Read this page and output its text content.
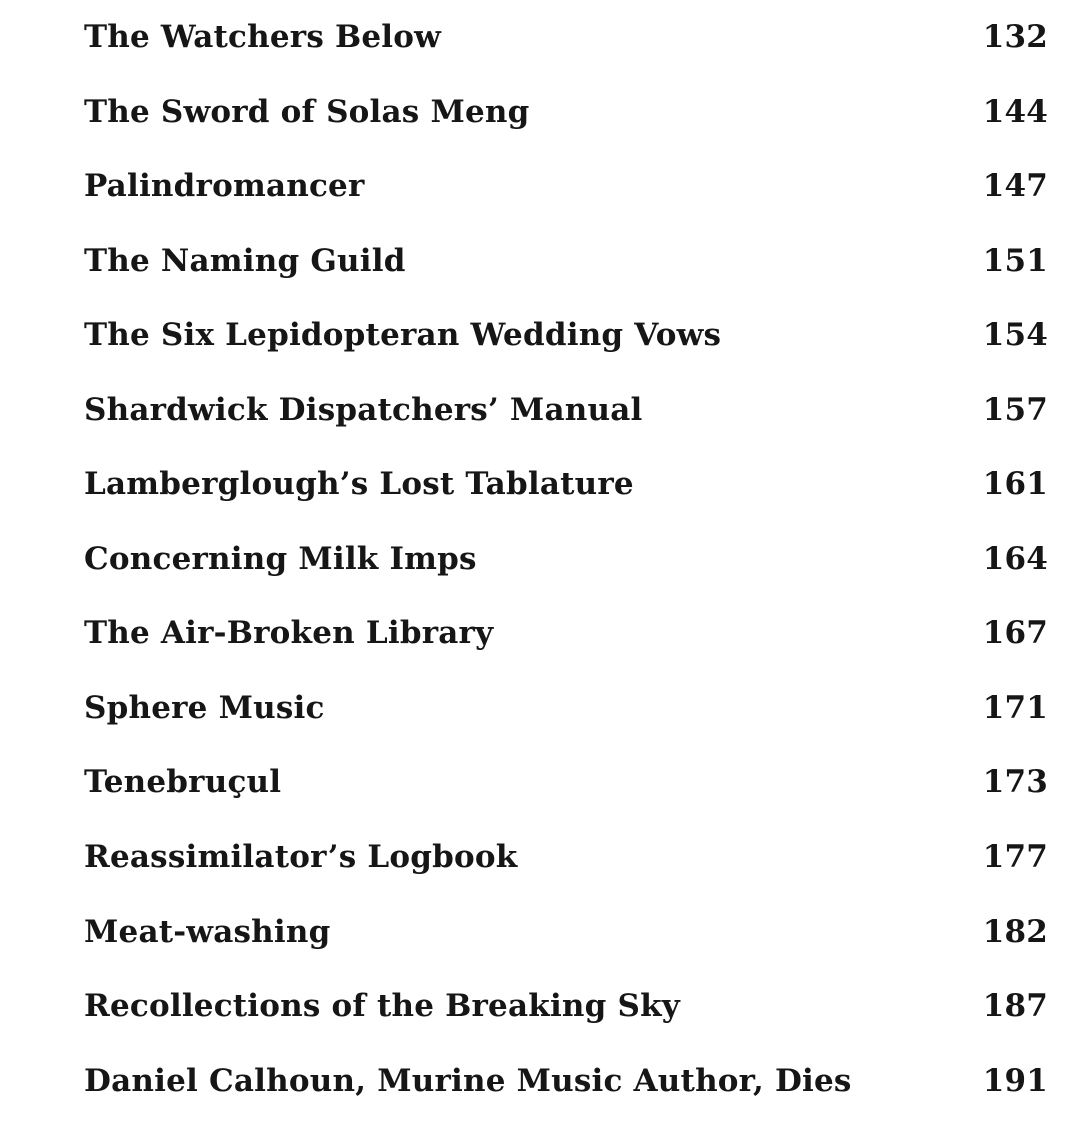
The Watchers Below	132
The Sword of Solas Meng	144
Palindromancer	147
The Naming Guild	151
The Six Lepidopteran Wedding Vows	154
Shardwick Dispatchers’ Manual	157
Lamberglough’s Lost Tablature	161
Concerning Milk Imps	164
The Air-Broken Library	167
Sphere Music	171
Tenebruçul	173
Reassimilator’s Logbook	177
Meat-washing	182
Recollections of the Breaking Sky	187
Daniel Calhoun, Murine Music Author, Dies	191
